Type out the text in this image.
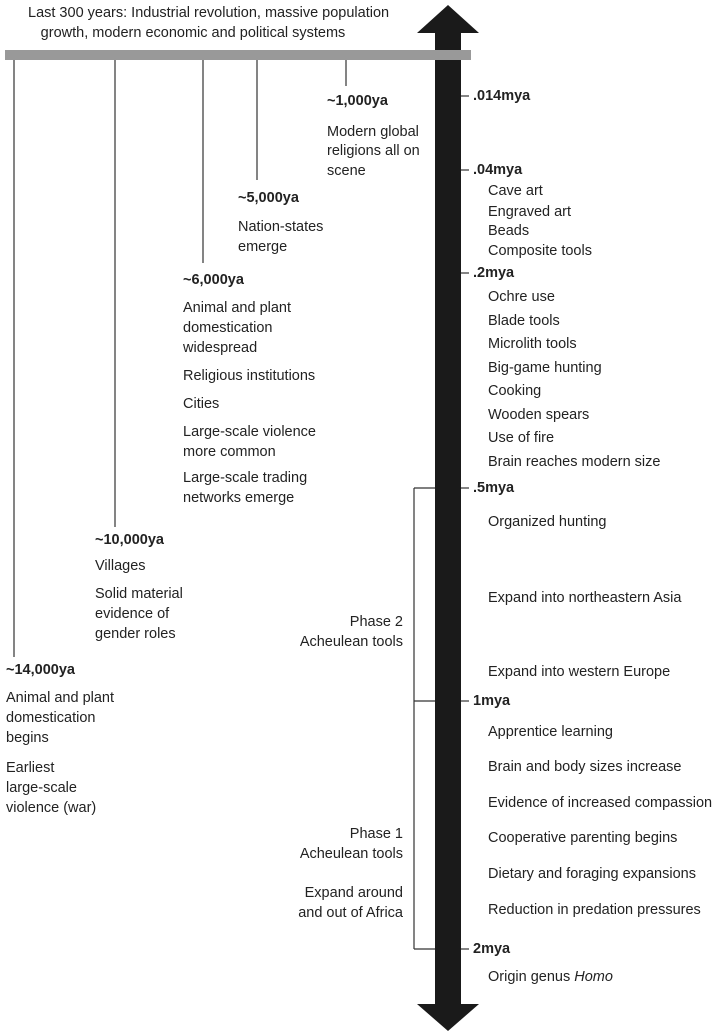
Last 300 years: Industrial revolution, massive population
growth, modern economic and political systems
~1,000ya
Modern global
religions all on
scene
~5,000ya
Nation-states
emerge
~6,000ya
Animal and plant
domestication
widespread
Religious institutions
Cities
Large-scale violence
more common
Large-scale trading
networks emerge
~10,000ya
Villages
Solid material
evidence of
gender roles
~14,000ya
Animal and plant
domestication
begins
Earliest
large-scale
violence (war)
.014mya
.04mya
Cave art
Engraved art
Beads
Composite tools
.2mya
Ochre use
Blade tools
Microlith tools
Big-game hunting
Cooking
Wooden spears
Use of fire
Brain reaches modern size
.5mya
Organized hunting
Expand into northeastern Asia
Expand into western Europe
1mya
Apprentice learning
Brain and body sizes increase
Evidence of increased compassion
Cooperative parenting begins
Dietary and foraging expansions
Reduction in predation pressures
2mya
Origin genus Homo
Phase 2
Acheulean tools
Phase 1
Acheulean tools
Expand around
and out of Africa
